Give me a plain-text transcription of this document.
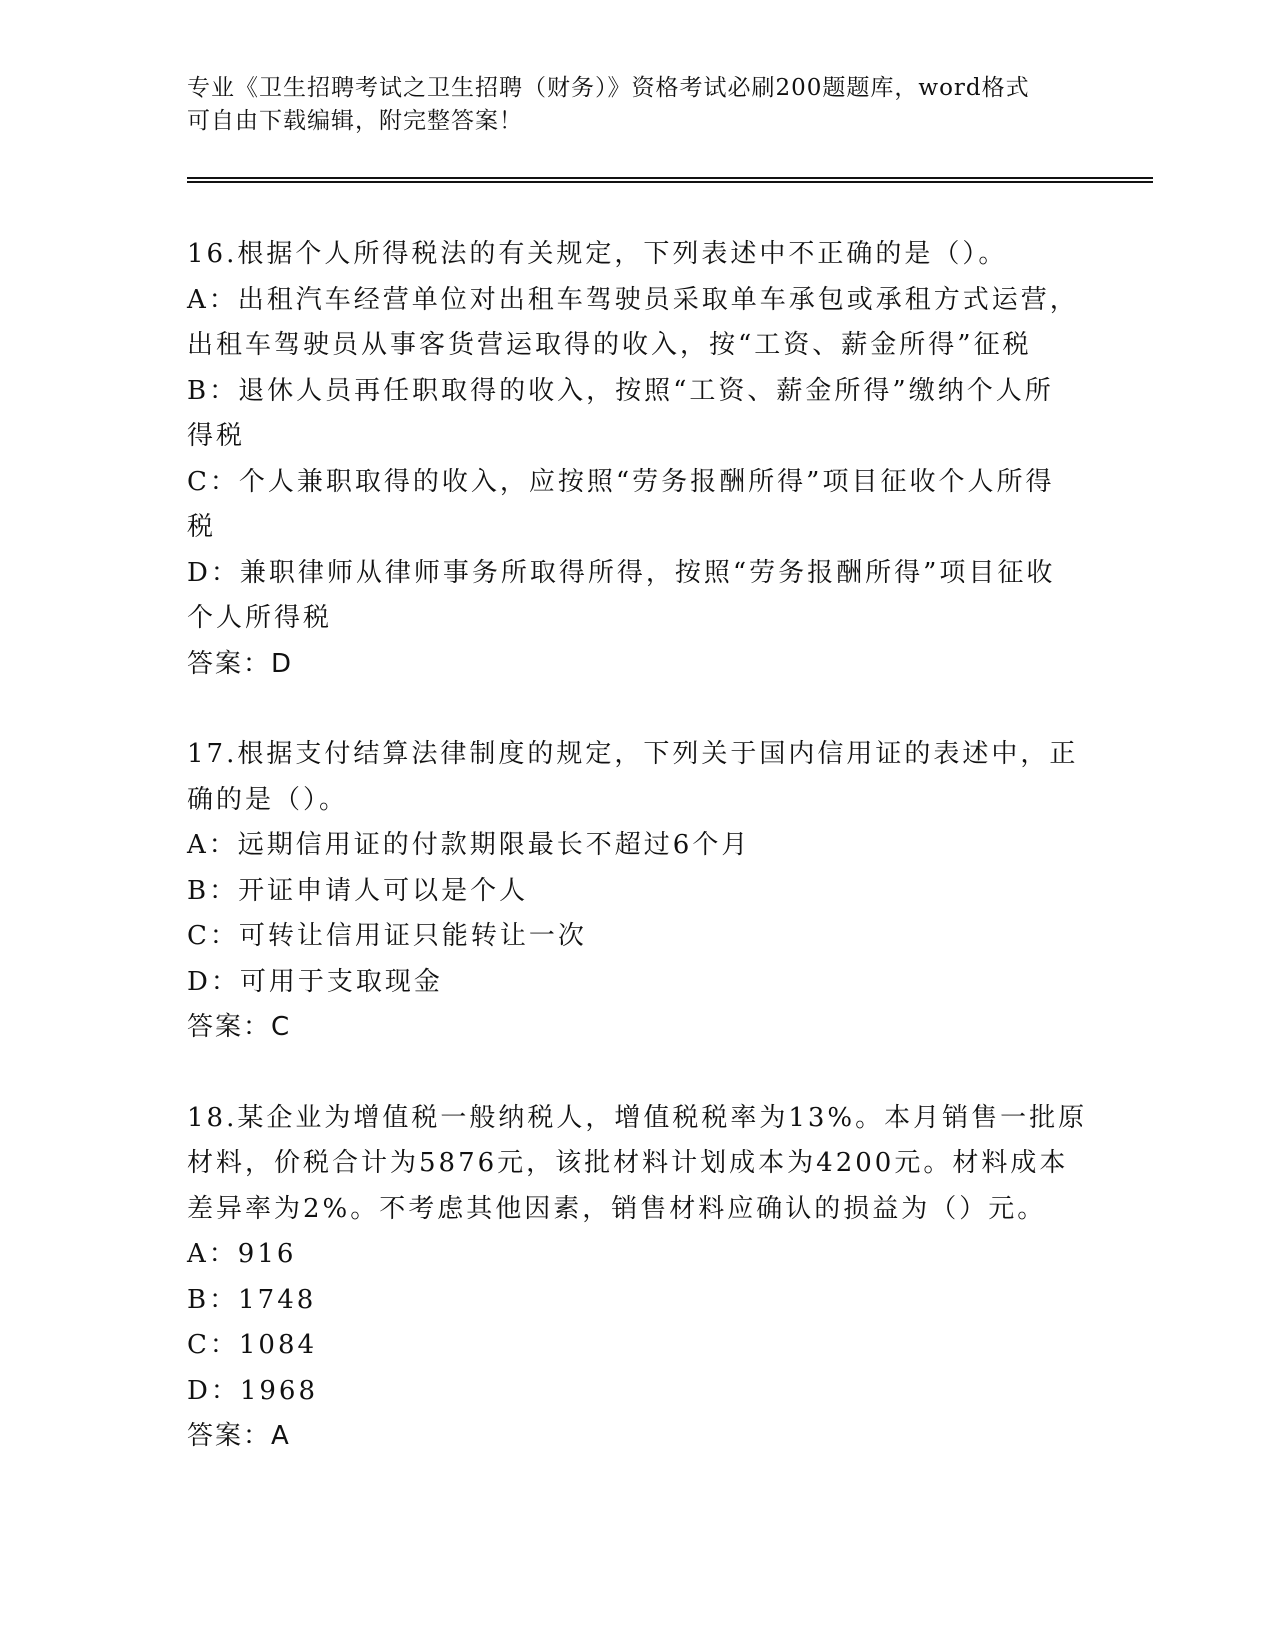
专业《卫生招聘考试之卫生招聘（财务）》资格考试必刷200题题库，word格式
可自由下载编辑，附完整答案！
16.根据个人所得税法的有关规定，下列表述中不正确的是（）。
A：出租汽车经营单位对出租车驾驶员采取单车承包或承租方式运营，
出租车驾驶员从事客货营运取得的收入，按“工资、薪金所得”征税
B：退休人员再任职取得的收入，按照“工资、薪金所得”缴纳个人所
得税
C：个人兼职取得的收入，应按照“劳务报酬所得”项目征收个人所得
税
D：兼职律师从律师事务所取得所得，按照“劳务报酬所得”项目征收
个人所得税
答案：D
17.根据支付结算法律制度的规定，下列关于国内信用证的表述中，正
确的是（）。
A：远期信用证的付款期限最长不超过6个月
B：开证申请人可以是个人
C：可转让信用证只能转让一次
D：可用于支取现金
答案：C
18.某企业为增值税一般纳税人，增值税税率为13%。本月销售一批原
材料，价税合计为5876元，该批材料计划成本为4200元。材料成本
差异率为2%。不考虑其他因素，销售材料应确认的损益为（）元。
A：916
B：1748
C：1084
D：1968
答案：A
